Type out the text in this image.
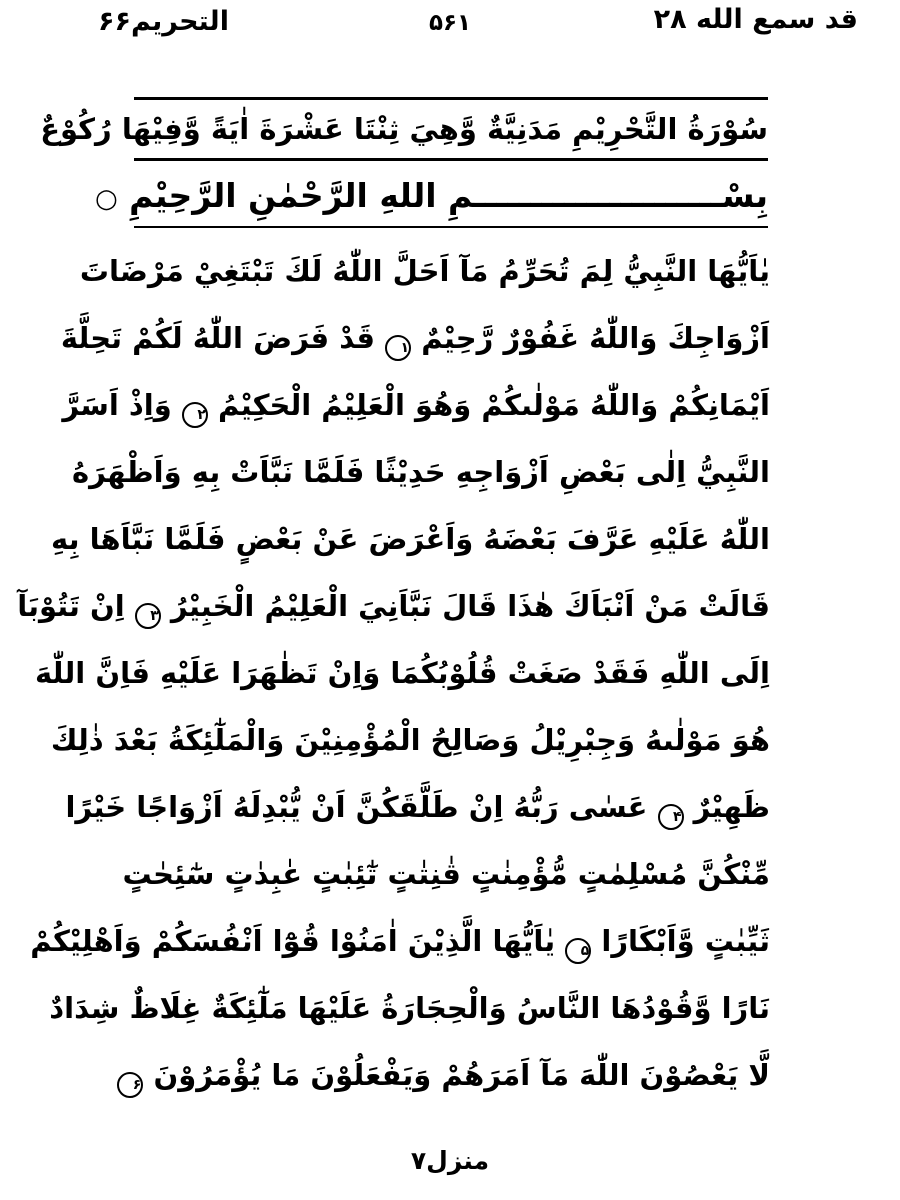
التحريم۶۶	۵۶۱	قد سمع الله ۲۸
سُوْرَةُ التَّحْرِيْمِ مَدَنِيَّةٌ وَّهِيَ ثِنْتَا عَشْرَةَ اٰيَةً وَّفِيْهَا رُكُوْعٌ
بِسْــــــــــــــــــــــمِ اللهِ الرَّحْمٰنِ الرَّحِيْمِ ○
يٰاَيُّهَا النَّبِيُّ لِمَ تُحَرِّمُ مَآ اَحَلَّ اللّٰهُ لَكَ تَبْتَغِيْ مَرْضَاتَ
اَزْوَاجِكَ وَاللّٰهُ غَفُوْرٌ رَّحِيْمٌ ۱ قَدْ فَرَضَ اللّٰهُ لَكُمْ تَحِلَّةَ
اَيْمَانِكُمْ وَاللّٰهُ مَوْلٰىكُمْ وَهُوَ الْعَلِيْمُ الْحَكِيْمُ ۲ وَاِذْ اَسَرَّ
النَّبِيُّ اِلٰى بَعْضِ اَزْوَاجِهِ حَدِيْثًا فَلَمَّا نَبَّاَتْ بِهِ وَاَظْهَرَهُ
اللّٰهُ عَلَيْهِ عَرَّفَ بَعْضَهُ وَاَعْرَضَ عَنْ بَعْضٍ فَلَمَّا نَبَّاَهَا بِهِ
قَالَتْ مَنْ اَنْبَاَكَ هٰذَا قَالَ نَبَّاَنِيَ الْعَلِيْمُ الْخَبِيْرُ ۳ اِنْ تَتُوْبَآ
اِلَى اللّٰهِ فَقَدْ صَغَتْ قُلُوْبُكُمَا وَاِنْ تَظٰهَرَا عَلَيْهِ فَاِنَّ اللّٰهَ
هُوَ مَوْلٰىهُ وَجِبْرِيْلُ وَصَالِحُ الْمُؤْمِنِيْنَ وَالْمَلٰٓئِكَةُ بَعْدَ ذٰلِكَ
ظَهِيْرٌ ۴ عَسٰى رَبُّهُ اِنْ طَلَّقَكُنَّ اَنْ يُّبْدِلَهُ اَزْوَاجًا خَيْرًا
مِّنْكُنَّ مُسْلِمٰتٍ مُّؤْمِنٰتٍ قٰنِتٰتٍ تٰٓئِبٰتٍ عٰبِدٰتٍ سٰٓئِحٰتٍ
ثَيِّبٰتٍ وَّاَبْكَارًا ۵ يٰاَيُّهَا الَّذِيْنَ اٰمَنُوْا قُوْٓا اَنْفُسَكُمْ وَاَهْلِيْكُمْ
نَارًا وَّقُوْدُهَا النَّاسُ وَالْحِجَارَةُ عَلَيْهَا مَلٰٓئِكَةٌ غِلَاظٌ شِدَادٌ
لَّا يَعْصُوْنَ اللّٰهَ مَآ اَمَرَهُمْ وَيَفْعَلُوْنَ مَا يُؤْمَرُوْنَ ۶
منزل۷
